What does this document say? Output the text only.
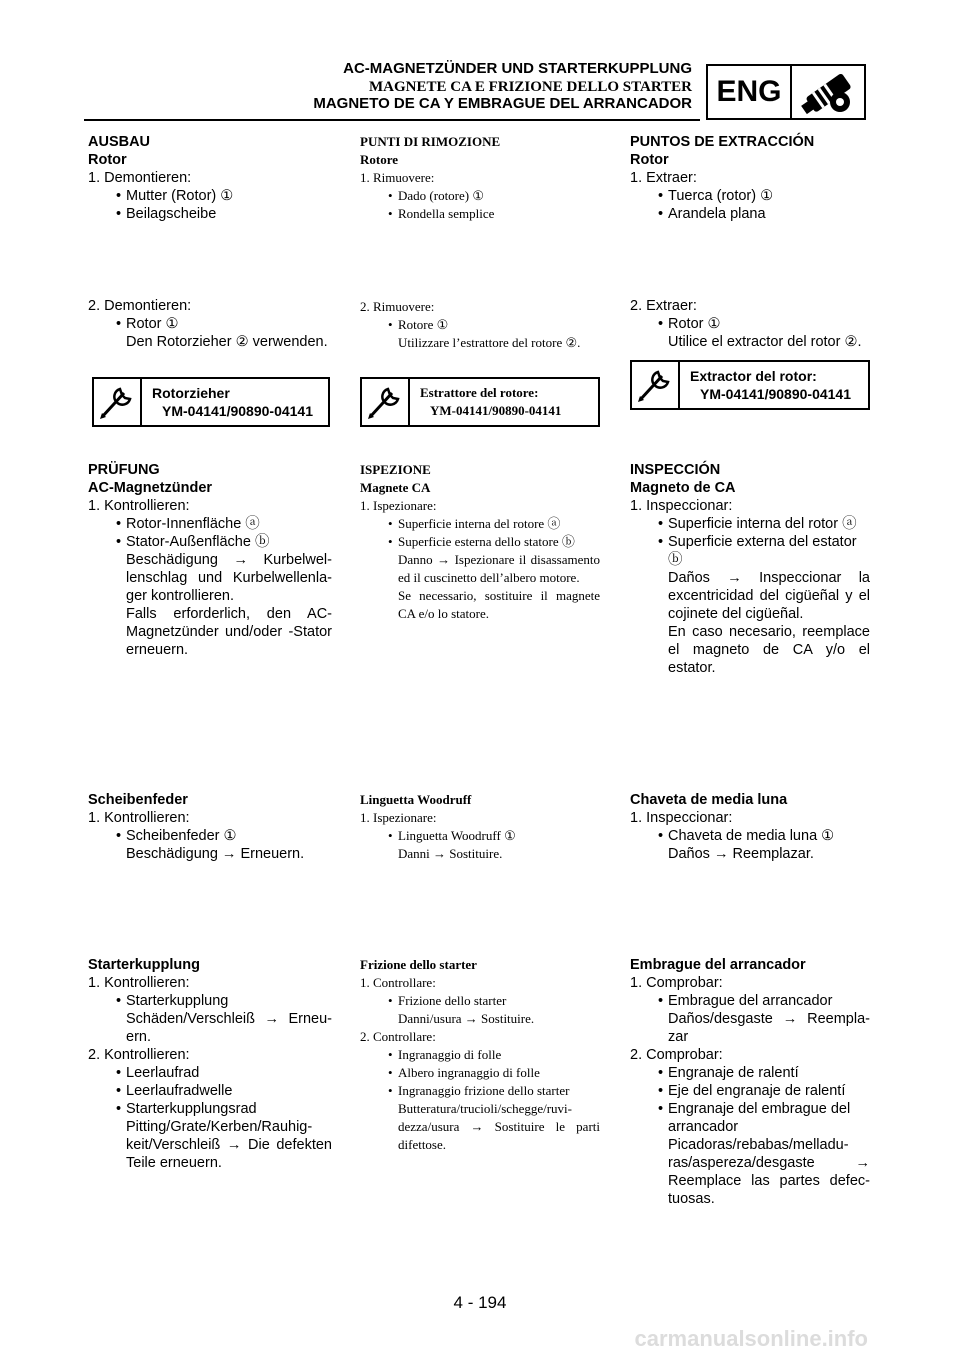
AC-MAGNETZÜNDER UND STARTERKUPPLUNG
MAGNETE CA E FRIZIONE DELLO STARTER
MAGNETO DE CA Y EMBRAGUE DEL ARRANCADOR ENG
AUSBAU
Rotor
1. Demontieren:
• Mutter (Rotor) ①
• Beilagscheibe
2. Demontieren:
• Rotor ①
Den Rotorzieher ② verwenden.
Rotorzieher
YM-04141/90890-04141
PRÜFUNG
AC-Magnetzünder
1. Kontrollieren:
• Rotor-Innenfläche ⓐ
• Stator-Außenfläche ⓑ
Beschädigung → Kurbelwellenschlag und Kurbelwellenlager kontrollieren.
Falls erforderlich, den AC-Magnetzünder und/oder -Stator erneuern.
Scheibenfeder
1. Kontrollieren:
• Scheibenfeder ①
Beschädigung → Erneuern.
Starterkupplung
1. Kontrollieren:
• Starterkupplung
Schäden/Verschleiß → Erneuern.
2. Kontrollieren:
• Leerlaufrad
• Leerlaufradwelle
• Starterkupplungsrad
Pitting/Grate/Kerben/Rauhigkeit/Verschleiß → Die defekten Teile erneuern.
PUNTI DI RIMOZIONE
Rotore
1. Rimuovere:
• Dado (rotore) ①
• Rondella semplice
2. Rimuovere:
• Rotore ①
Utilizzare l’estrattore del rotore ②.
Estrattore del rotore:
YM-04141/90890-04141
ISPEZIONE
Magnete CA
1. Ispezionare:
• Superficie interna del rotore ⓐ
• Superficie esterna dello statore ⓑ
Danno → Ispezionare il disassamento ed il cuscinetto dell’albero motore.
Se necessario, sostituire il magnete CA e/o lo statore.
Linguetta Woodruff
1. Ispezionare:
• Linguetta Woodruff ①
Danni → Sostituire.
Frizione dello starter
1. Controllare:
• Frizione dello starter
Danni/usura → Sostituire.
2. Controllare:
• Ingranaggio di folle
• Albero ingranaggio di folle
• Ingranaggio frizione dello starter
Butteratura/trucioli/schegge/ruvidezza/usura → Sostituire le parti difettose.
PUNTOS DE EXTRACCIÓN
Rotor
1. Extraer:
• Tuerca (rotor) ①
• Arandela plana
2. Extraer:
• Rotor ①
Utilice el extractor del rotor ②.
Extractor del rotor:
YM-04141/90890-04141
INSPECCIÓN
Magneto de CA
1. Inspeccionar:
• Superficie interna del rotor ⓐ
• Superficie externa del estator ⓑ
Daños → Inspeccionar la excentricidad del cigüeñal y el cojinete del cigüeñal.
En caso necesario, reemplace el magneto de CA y/o el estator.
Chaveta de media luna
1. Inspeccionar:
• Chaveta de media luna ①
Daños → Reemplazar.
Embrague del arrancador
1. Comprobar:
• Embrague del arrancador
Daños/desgaste → Reemplazar
2. Comprobar:
• Engranaje de ralentí
• Eje del engranaje de ralentí
• Engranaje del embrague del arrancador
Picadoras/rebabas/melladuras/aspereza/desgaste → Reemplace las partes defectuosas.
4 - 194
carmanualsonline.info
